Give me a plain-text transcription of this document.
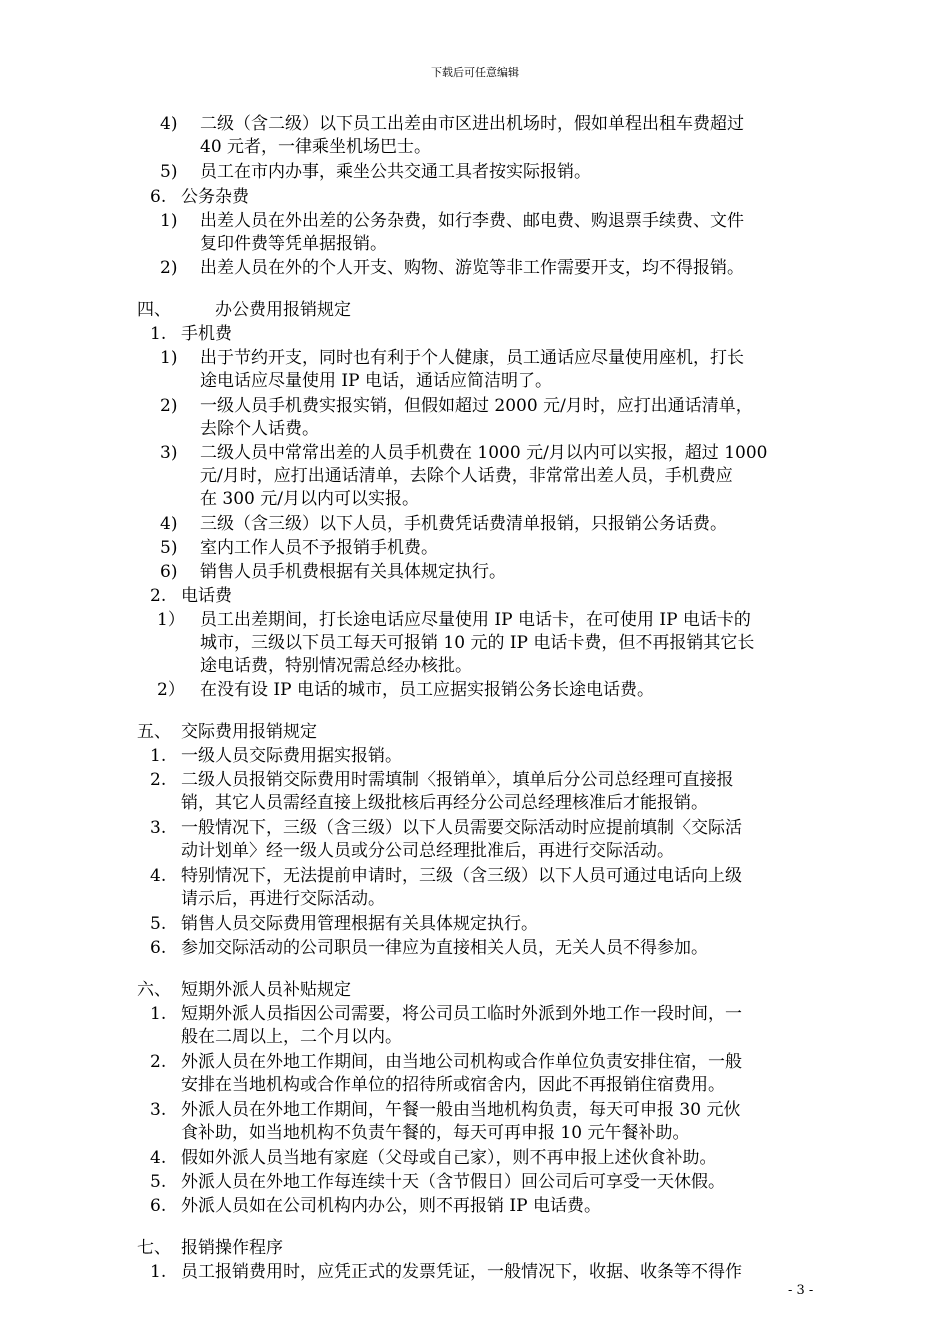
下载后可任意编辑
4) 二级（含二级）以下员工出差由市区进出机场时，假如单程出租车费超过
40 元者，一律乘坐机场巴士。
5) 员工在市内办事，乘坐公共交通工具者按实际报销。
6. 公务杂费
1) 出差人员在外出差的公务杂费，如行李费、邮电费、购退票手续费、文件
复印件费等凭单据报销。
2) 出差人员在外的个人开支、购物、游览等非工作需要开支，均不得报销。
四、	办公费用报销规定
1. 手机费
1) 出于节约开支，同时也有利于个人健康，员工通话应尽量使用座机，打长
途电话应尽量使用 IP 电话，通话应简洁明了。
2) 一级人员手机费实报实销，但假如超过 2000 元/月时，应打出通话清单，
去除个人话费。
3) 二级人员中常常出差的人员手机费在 1000 元/月以内可以实报，超过 1000
元/月时，应打出通话清单，去除个人话费，非常常出差人员，手机费应
在 300 元/月以内可以实报。
4) 三级（含三级）以下人员，手机费凭话费清单报销，只报销公务话费。
5) 室内工作人员不予报销手机费。
6) 销售人员手机费根据有关具体规定执行。
2. 电话费
1） 员工出差期间，打长途电话应尽量使用 IP 电话卡，在可使用 IP 电话卡的
城市，三级以下员工每天可报销 10 元的 IP 电话卡费，但不再报销其它长
途电话费，特别情况需总经办核批。
2） 在没有设 IP 电话的城市，员工应据实报销公务长途电话费。
五、 交际费用报销规定
1. 一级人员交际费用据实报销。
2. 二级人员报销交际费用时需填制〈报销单〉，填单后分公司总经理可直接报
销，其它人员需经直接上级批核后再经分公司总经理核准后才能报销。
3. 一般情况下，三级（含三级）以下人员需要交际活动时应提前填制〈交际活
动计划单〉经一级人员或分公司总经理批准后，再进行交际活动。
4. 特别情况下，无法提前申请时，三级（含三级）以下人员可通过电话向上级
请示后，再进行交际活动。
5. 销售人员交际费用管理根据有关具体规定执行。
6. 参加交际活动的公司职员一律应为直接相关人员，无关人员不得参加。
六、 短期外派人员补贴规定
1. 短期外派人员指因公司需要，将公司员工临时外派到外地工作一段时间，一
般在二周以上，二个月以内。
2. 外派人员在外地工作期间，由当地公司机构或合作单位负责安排住宿，一般
安排在当地机构或合作单位的招待所或宿舍内，因此不再报销住宿费用。
3. 外派人员在外地工作期间，午餐一般由当地机构负责，每天可申报 30 元伙
食补助，如当地机构不负责午餐的，每天可再申报 10 元午餐补助。
4. 假如外派人员当地有家庭（父母或自己家），则不再申报上述伙食补助。
5. 外派人员在外地工作每连续十天（含节假日）回公司后可享受一天休假。
6. 外派人员如在公司机构内办公，则不再报销 IP 电话费。
七、 报销操作程序
1. 员工报销费用时，应凭正式的发票凭证，一般情况下，收据、收条等不得作
- 3 -
